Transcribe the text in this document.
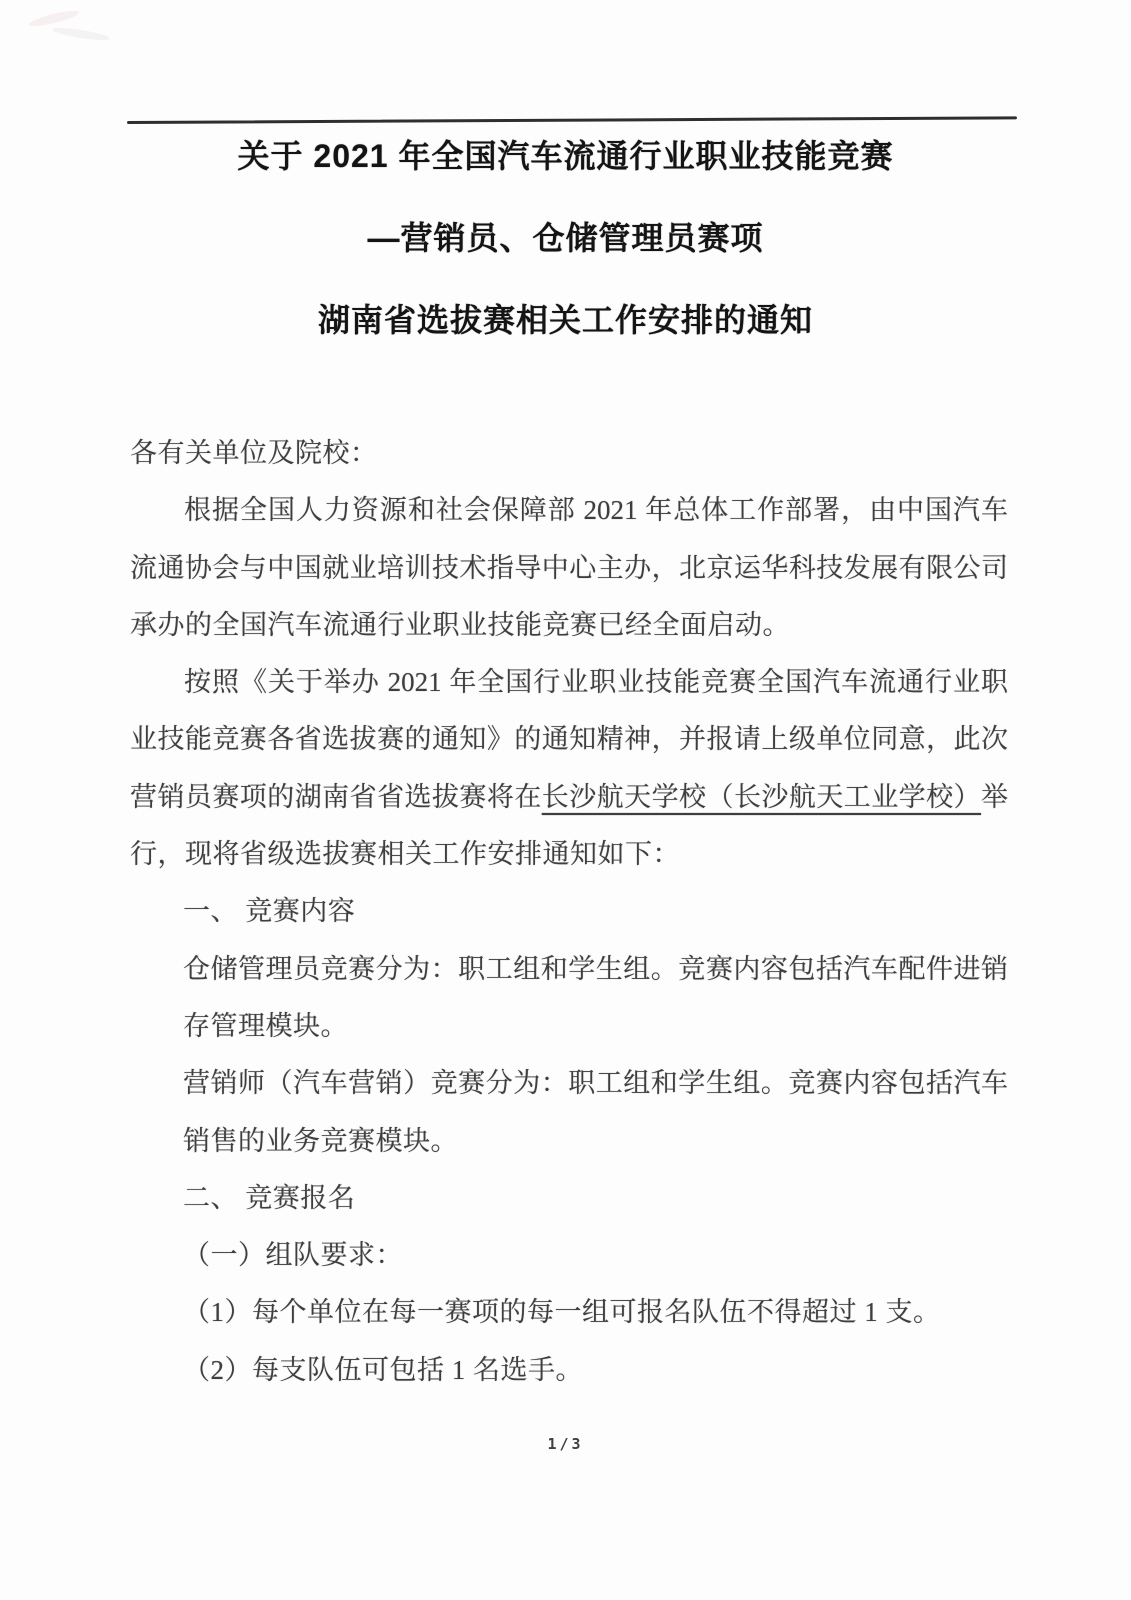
关于 2021 年全国汽车流通行业职业技能竞赛
—营销员、仓储管理员赛项
湖南省选拔赛相关工作安排的通知
各有关单位及院校：
根据全国人力资源和社会保障部 2021 年总体工作部署，由中国汽车
流通协会与中国就业培训技术指导中心主办，北京运华科技发展有限公司
承办的全国汽车流通行业职业技能竞赛已经全面启动。
按照《关于举办 2021 年全国行业职业技能竞赛全国汽车流通行业职
业技能竞赛各省选拔赛的通知》的通知精神，并报请上级单位同意，此次
营销员赛项的湖南省省选拔赛将在长沙航天学校（长沙航天工业学校）举
行，现将省级选拔赛相关工作安排通知如下：
一、 竞赛内容
仓储管理员竞赛分为：职工组和学生组。竞赛内容包括汽车配件进销
存管理模块。
营销师（汽车营销）竞赛分为：职工组和学生组。竞赛内容包括汽车
销售的业务竞赛模块。
二、 竞赛报名
（一）组队要求：
（1）每个单位在每一赛项的每一组可报名队伍不得超过 1 支。
（2）每支队伍可包括 1 名选手。
1/3
